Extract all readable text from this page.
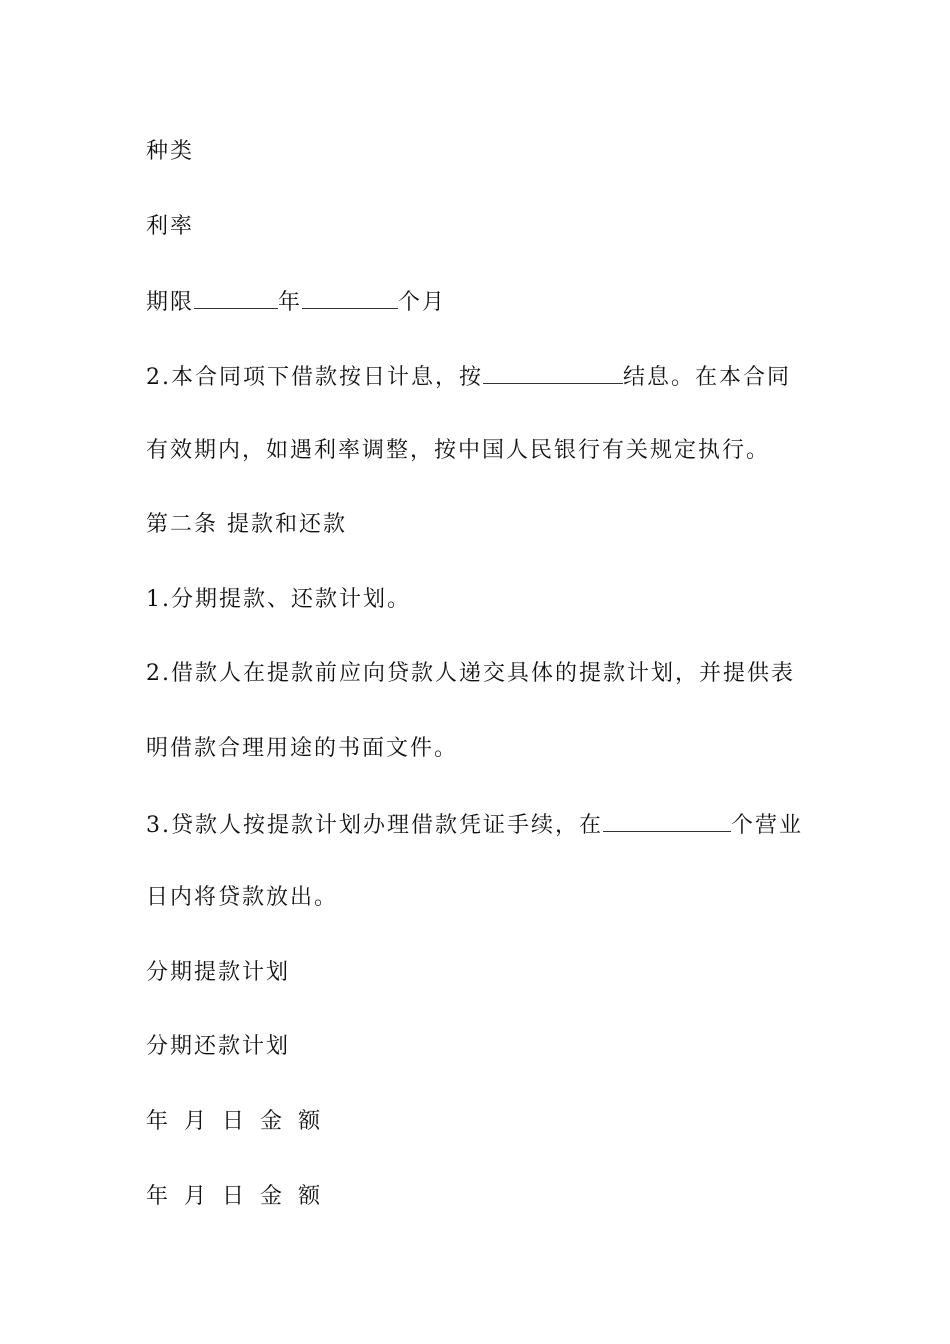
种类
利率
期限	年	个月
2.本合同项下借款按日计息，按	结息。在本合同
有效期内，如遇利率调整，按中国人民银行有关规定执行。
第二条 提款和还款
1.分期提款、还款计划。
2.借款人在提款前应向贷款人递交具体的提款计划，并提供表
明借款合理用途的书面文件。
3.贷款人按提款计划办理借款凭证手续，在	个营业
日内将贷款放出。
分期提款计划
分期还款计划
年 月 日 金 额
年 月 日 金 额
